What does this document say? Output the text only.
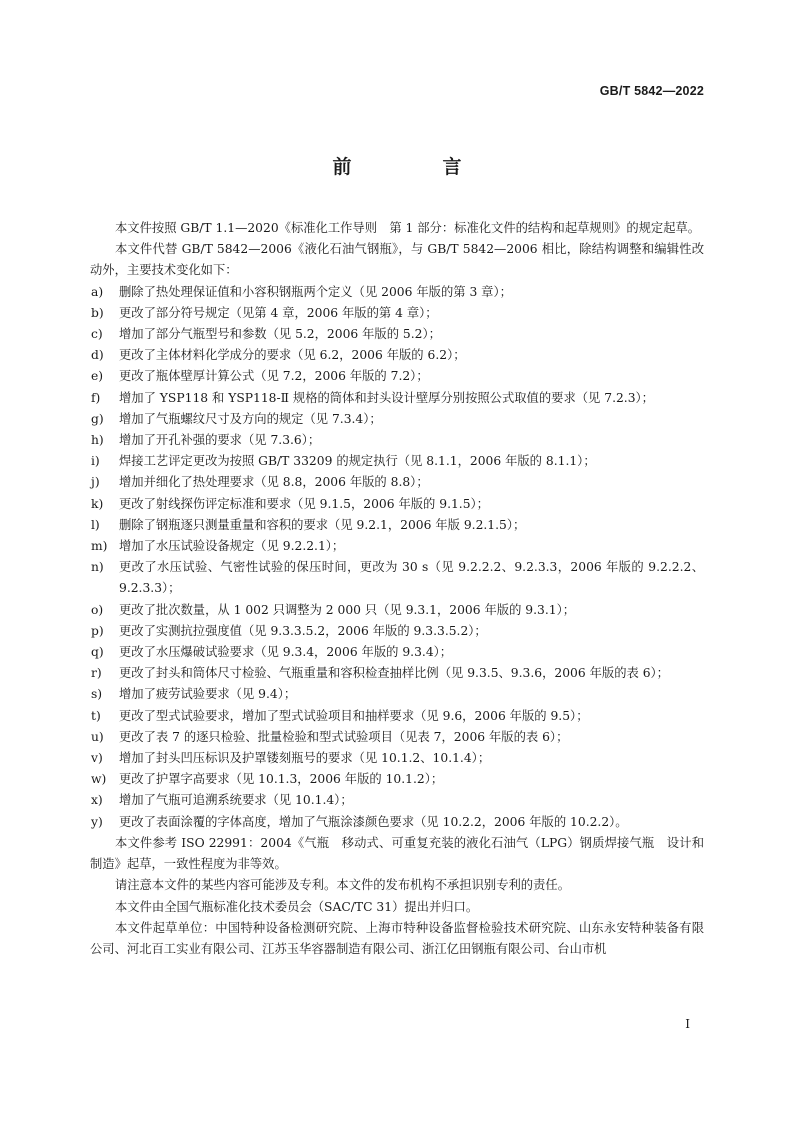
GB/T 5842—2022
前　言

本文件按照 GB/T 1.1—2020《标准化工作导则　第 1 部分：标准化文件的结构和起草规则》的规定起草。

本文件代替 GB/T 5842—2006《液化石油气钢瓶》，与 GB/T 5842—2006 相比，除结构调整和编辑性改动外，主要技术变化如下：

a)	删除了热处理保证值和小容积钢瓶两个定义（见 2006 年版的第 3 章）；
b)	更改了部分符号规定（见第 4 章，2006 年版的第 4 章）；
c)	增加了部分气瓶型号和参数（见 5.2，2006 年版的 5.2）；
d)	更改了主体材料化学成分的要求（见 6.2，2006 年版的 6.2）；
e)	更改了瓶体壁厚计算公式（见 7.2，2006 年版的 7.2）；
f)	增加了 YSP118 和 YSP118-Ⅱ 规格的筒体和封头设计壁厚分别按照公式取值的要求（见 7.2.3）；
g)	增加了气瓶螺纹尺寸及方向的规定（见 7.3.4）；
h)	增加了开孔补强的要求（见 7.3.6）；
i)	焊接工艺评定更改为按照 GB/T 33209 的规定执行（见 8.1.1，2006 年版的 8.1.1）；
j)	增加并细化了热处理要求（见 8.8，2006 年版的 8.8）；
k)	更改了射线探伤评定标准和要求（见 9.1.5，2006 年版的 9.1.5）；
l)	删除了钢瓶逐只测量重量和容积的要求（见 9.2.1，2006 年版 9.2.1.5）；
m) 增加了水压试验设备规定（见 9.2.2.1）；
n)	更改了水压试验、气密性试验的保压时间，更改为 30 s（见 9.2.2.2、9.2.3.3，2006 年版的 9.2.2.2、9.2.3.3）；
o)	更改了批次数量，从 1 002 只调整为 2 000 只（见 9.3.1，2006 年版的 9.3.1）；
p)	更改了实测抗拉强度值（见 9.3.3.5.2，2006 年版的 9.3.3.5.2）；
q)	更改了水压爆破试验要求（见 9.3.4，2006 年版的 9.3.4）；
r)	更改了封头和筒体尺寸检验、气瓶重量和容积检查抽样比例（见 9.3.5、9.3.6，2006 年版的表 6）；
s)	增加了疲劳试验要求（见 9.4）；
t)	更改了型式试验要求，增加了型式试验项目和抽样要求（见 9.6，2006 年版的 9.5）；
u)	更改了表 7 的逐只检验、批量检验和型式试验项目（见表 7，2006 年版的表 6）；
v)	增加了封头凹压标识及护罩镂刻瓶号的要求（见 10.1.2、10.1.4）；
w)	更改了护罩字高要求（见 10.1.3，2006 年版的 10.1.2）；
x)	增加了气瓶可追溯系统要求（见 10.1.4）；
y)	更改了表面涂覆的字体高度，增加了气瓶涂漆颜色要求（见 10.2.2，2006 年版的 10.2.2）。

本文件参考 ISO 22991：2004《气瓶　移动式、可重复充装的液化石油气（LPG）钢质焊接气瓶　设计和制造》起草，一致性程度为非等效。

请注意本文件的某些内容可能涉及专利。本文件的发布机构不承担识别专利的责任。

本文件由全国气瓶标准化技术委员会（SAC/TC 31）提出并归口。

本文件起草单位：中国特种设备检测研究院、上海市特种设备监督检验技术研究院、山东永安特种装备有限公司、河北百工实业有限公司、江苏玉华容器制造有限公司、浙江亿田钢瓶有限公司、台山市机

I
